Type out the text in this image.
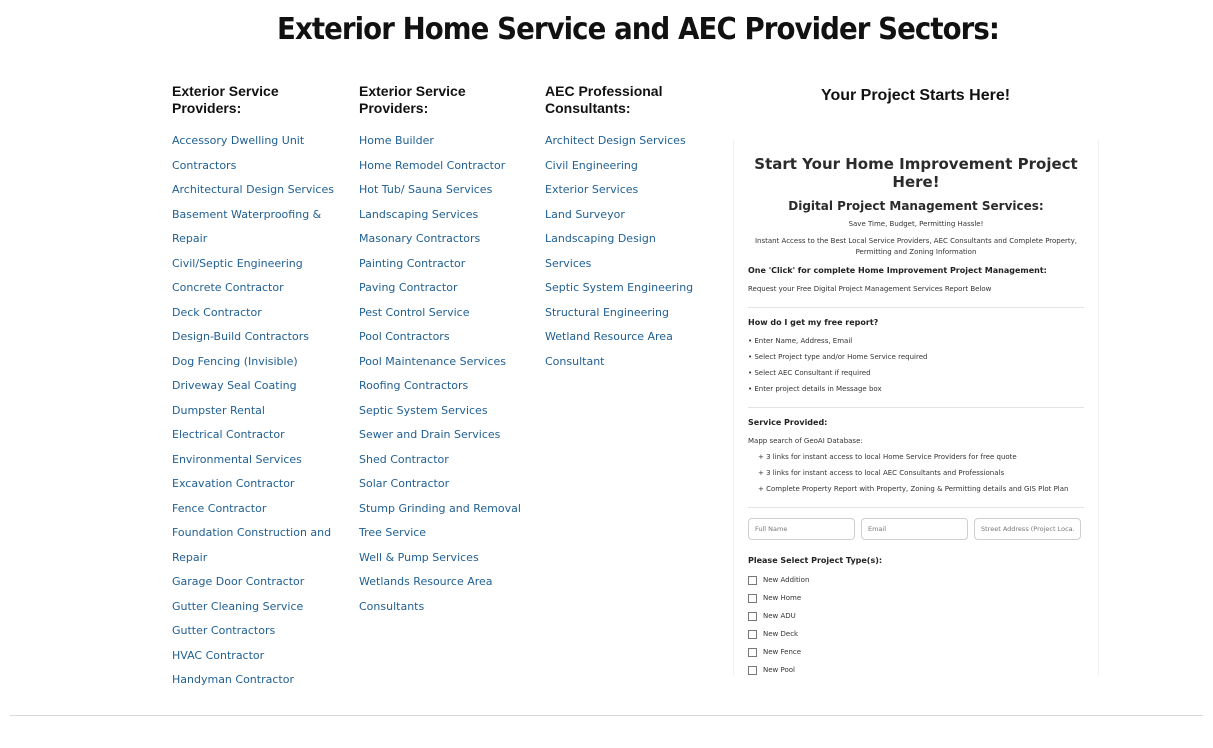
Exterior Home Service and AEC Provider Sectors:
Exterior Service Providers:
Accessory Dwelling Unit Contractors
Architectural Design Services
Basement Waterproofing & Repair
Civil/Septic Engineering
Concrete Contractor
Deck Contractor
Design-Build Contractors
Dog Fencing (Invisible)
Driveway Seal Coating
Dumpster Rental
Electrical Contractor
Environmental Services
Excavation Contractor
Fence Contractor
Foundation Construction and Repair
Garage Door Contractor
Gutter Cleaning Service
Gutter Contractors
HVAC Contractor
Handyman Contractor
Exterior Service Providers:
Home Builder
Home Remodel Contractor
Hot Tub/ Sauna Services
Landscaping Services
Masonary Contractors
Painting Contractor
Paving Contractor
Pest Control Service
Pool Contractors
Pool Maintenance Services
Roofing Contractors
Septic System Services
Sewer and Drain Services
Shed Contractor
Solar Contractor
Stump Grinding and Removal
Tree Service
Well & Pump Services
Wetlands Resource Area Consultants
AEC Professional Consultants:
Architect Design Services
Civil Engineering
Exterior Services
Land Surveyor
Landscaping Design Services
Septic System Engineering
Structural Engineering
Wetland Resource Area Consultant
Your Project Starts Here!

Start Your Home Improvement Project Here!

Digital Project Management Services:

Save Time, Budget, Permitting Hassle!

Instant Access to the Best Local Service Providers, AEC Consultants and Complete Property, Permitting and Zoning Information

One 'Click' for complete Home Improvement Project Management:

Request your Free Digital Project Management Services Report Below

How do I get my free report?

• Enter Name, Address, Email

• Select Project type and/or Home Service required

• Select AEC Consultant if required

• Enter project details in Message box

Service Provided:

Mapp search of GeoAI Database:

+ 3 links for instant access to local Home Service Providers for free quote

+ 3 links for instant access to local AEC Consultants and Professionals

+ Complete Property Report with Property, Zoning & Permitting details and GIS Plot Plan

Full Name
Email
Street Address (Project Loca...

Please Select Project Type(s):

New Addition
New Home
New ADU
New Deck
New Fence
New Pool
